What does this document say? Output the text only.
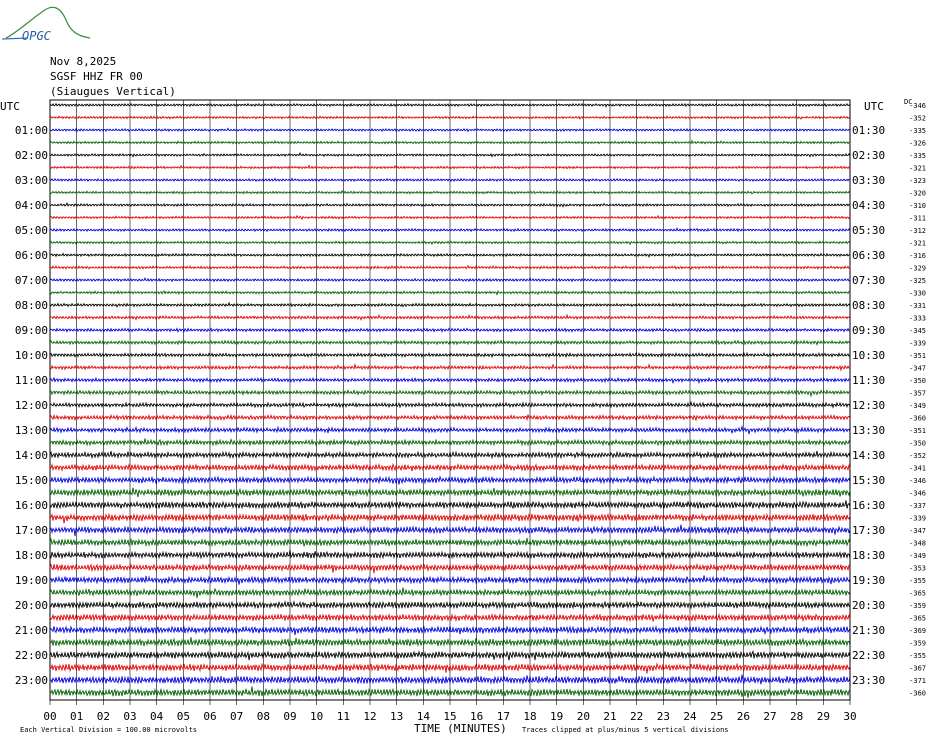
OPGC
Nov 8,2025
SGSF HHZ FR 00
(Siaugues Vertical)
UTC	UTC	DC
01:00
02:00
03:00
04:00
05:00
06:00
07:00
08:00
09:00
10:00
11:00
12:00
13:00
14:00
15:00
16:00
17:00
18:00
19:00
20:00
21:00
22:00
23:00
01:30
02:30
03:30
04:30
05:30
06:30
07:30
08:30
09:30
10:30
11:30
12:30
13:30
14:30
15:30
16:30
17:30
18:30
19:30
20:30
21:30
22:30
23:30
-346
-352
-335
-326
-335
-321
-323
-320
-310
-311
-312
-321
-316
-329
-325
-330
-331
-333
-345
-339
-351
-347
-350
-357
-349
-360
-351
-350
-352
-341
-346
-346
-337
-339
-347
-348
-349
-353
-355
-365
-359
-365
-369
-359
-355
-367
-371
-360
00 01 02 03 04 05 06 07 08 09 10 11 12 13 14 15 16 17 18 19 20 21 22 23 24 25 26 27 28 29 30
TIME (MINUTES)
Each Vertical Division = 100.00 microvolts	Traces clipped at plus/minus 5 vertical divisions
